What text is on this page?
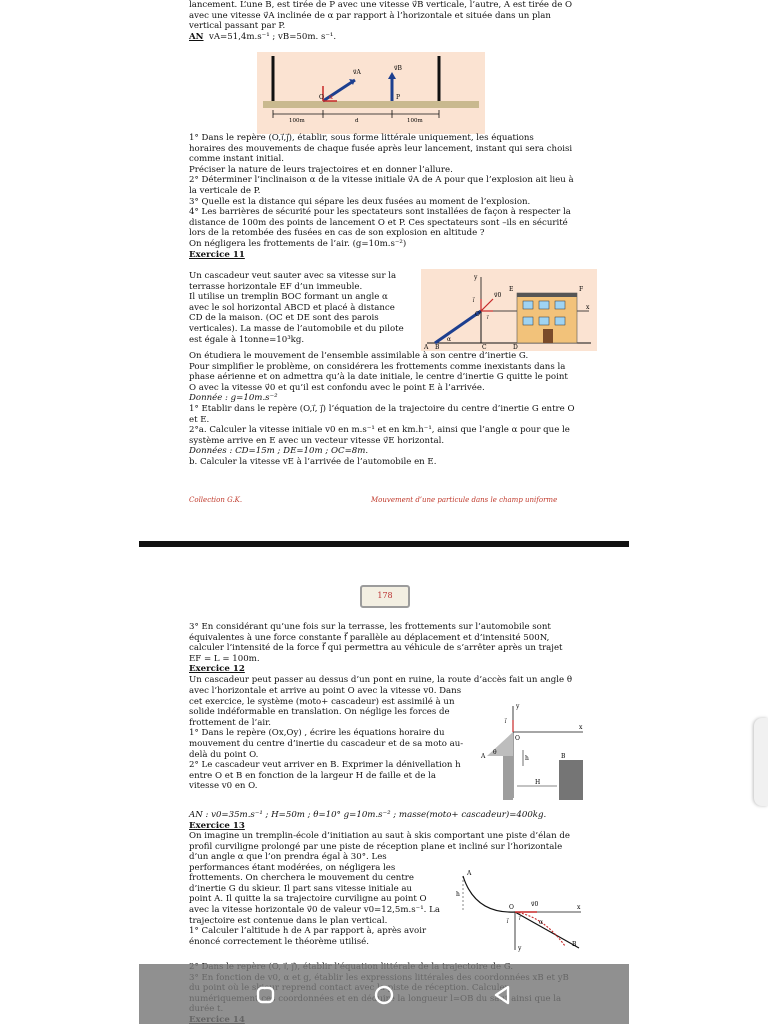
lancement. L’une B, est tirée de P avec une vitesse v⃗B verticale, l’autre, A est tirée de O

avec une vitesse v⃗A inclinée de α par rapport à l’horizontale et située dans un plan

vertical passant par P.

AN vA=51,4m.s⁻¹ ; vB=50m. s⁻¹.

O	P
α
v⃗A
v⃗B
100m	d	100m

1° Dans le repère (O,i⃗,j⃗), établir, sous forme littérale uniquement, les équations

horaires des mouvements de chaque fusée après leur lancement, instant qui sera choisi

comme instant initial.

Préciser la nature de leurs trajectoires et en donner l’allure.

2° Déterminer l’inclinaison α de la vitesse initiale v⃗A de A pour que l’explosion ait lieu à

la verticale de P.

3° Quelle est la distance qui sépare les deux fusées au moment de l’explosion.

4° Les barrières de sécurité pour les spectateurs sont installées de façon à respecter la

distance de 100m des points de lancement O et P. Ces spectateurs sont –ils en sécurité

lors de la retombée des fusées en cas de son explosion en altitude ?

On négligera les frottements de l’air. (g=10m.s⁻²)

Exercice 11

Un cascadeur veut sauter avec sa vitesse sur la

terrasse horizontale EF d’un immeuble.

Il utilise un tremplin BOC formant un angle α

avec le sol horizontal ABCD et placé à distance

CD de la maison. (OC et DE sont des parois

verticales). La masse de l’automobile et du pilote

est égale à 1tonne=10³kg.

y
x
E	F
O
A B	C	D
α
v⃗0
i⃗
j⃗

On étudiera le mouvement de l’ensemble assimilable à son centre d’inertie G.

Pour simplifier le problème, on considérera les frottements comme inexistants dans la

phase aérienne et on admettra qu’à la date initiale, le centre d’inertie G quitte le point

O avec la vitesse v⃗0 et qu’il est confondu avec le point E à l’arrivée.

Donnée : g=10m.s⁻²

1° Etablir dans le repère (O,i⃗, j⃗) l’équation de la trajectoire du centre d’inertie G entre O

et E.

2°a. Calculer la vitesse initiale v0 en m.s⁻¹ et en km.h⁻¹, ainsi que l’angle α pour que le

système arrive en E avec un vecteur vitesse v⃗E horizontal.

Données : CD=15m ; DE=10m ; OC=8m.

b. Calculer la vitesse vE à l’arrivée de l’automobile en E.

Collection G.K.	Mouvement d’une particule dans le champ uniforme
178

3° En considérant qu’une fois sur la terrasse, les frottements sur l’automobile sont

équivalentes à une force constante f⃗ parallèle au déplacement et d’intensité 500N,

calculer l’intensité de la force f⃗ qui permettra au véhicule de s’arrêter après un trajet

EF = L = 100m.

Exercice 12

Un cascadeur peut passer au dessus d’un pont en ruine, la route d’accès fait un angle θ

avec l’horizontale et arrive au point O avec la vitesse v0. Dans

cet exercice, le système (moto+ cascadeur) est assimilé à un

solide indéformable en translation. On néglige les forces de

frottement de l’air.

1° Dans le repère (Ox,Oy) , écrire les équations horaire du

mouvement du centre d’inertie du cascadeur et de sa moto au-

delà du point O.

2° Le cascadeur veut arriver en B. Exprimer la dénivellation h

entre O et B en fonction de la largeur H de faille et de la

vitesse v0 en O.

y
x
O
A	B
h
H
θ
j⃗

AN : v0=35m.s⁻¹ ; H=50m ; θ=10° g=10m.s⁻² ; masse(moto+ cascadeur)=400kg.

Exercice 13

On imagine un tremplin-école d’initiation au saut à skis comportant une piste d’élan de

profil curviligne prolongé par une piste de réception plane et incliné sur l’horizontale

d’un angle α que l’on prendra égal à 30°. Les

performances étant modérées, on négligera les

frottements. On cherchera le mouvement du centre

d’inertie G du skieur. Il part sans vitesse initiale au

point A. Il quitte la sa trajectoire curviligne au point O

avec la vitesse horizontale v⃗0 de valeur v0=12,5m.s⁻¹. La

trajectoire est contenue dans le plan vertical.

1° Calculer l’altitude h de A par rapport à, après avoir

énoncé correctement le théorème utilisé.

A
O
B
x
y
h
α
v⃗0
i⃗
j⃗
